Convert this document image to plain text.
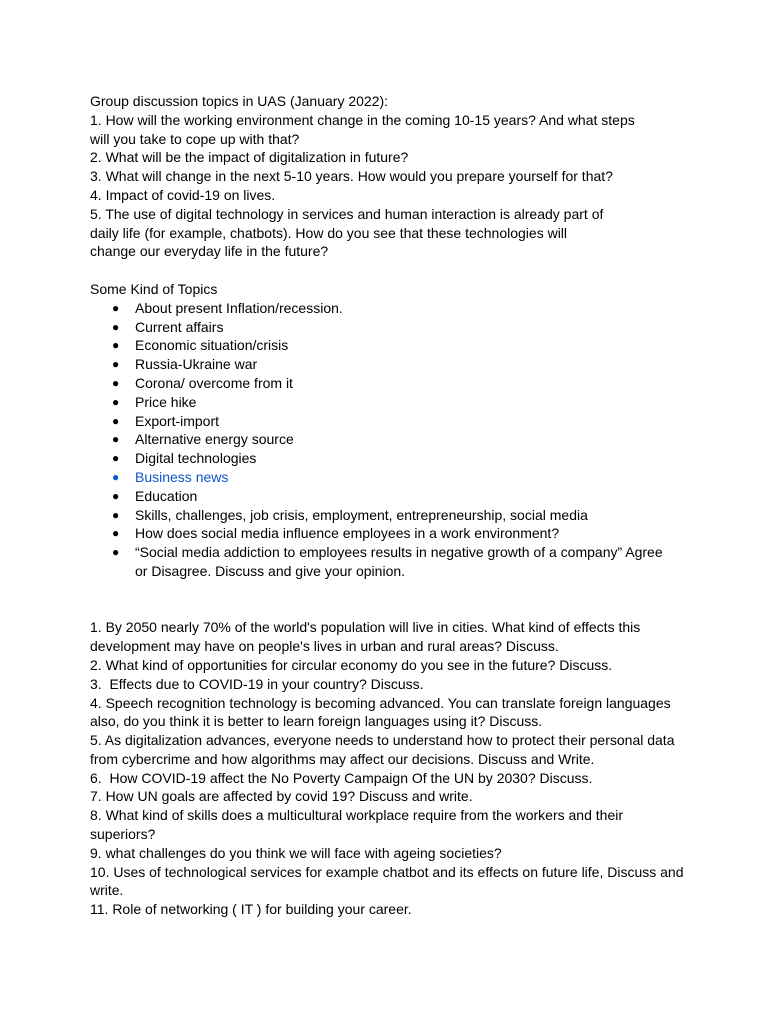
Group discussion topics in UAS (January 2022):

1. How will the working environment change in the coming 10-15 years? And what steps

will you take to cope up with that?

2. What will be the impact of digitalization in future?

3. What will change in the next 5-10 years. How would you prepare yourself for that?

4. Impact of covid-19 on lives.

5. The use of digital technology in services and human interaction is already part of

daily life (for example, chatbots). How do you see that these technologies will

change our everyday life in the future?

Some Kind of Topics

● About present Inflation/recession.
● Current affairs
● Economic situation/crisis
● Russia-Ukraine war
● Corona/ overcome from it
● Price hike
● Export-import
● Alternative energy source
● Digital technologies
● Business news
● Education
● Skills, challenges, job crisis, employment, entrepreneurship, social media
● How does social media influence employees in a work environment?
● “Social media addiction to employees results in negative growth of a company” Agree or Disagree. Discuss and give your opinion.

1. By 2050 nearly 70% of the world's population will live in cities. What kind of effects this

development may have on people's lives in urban and rural areas? Discuss.

2. What kind of opportunities for circular economy do you see in the future? Discuss.

3.  Effects due to COVID-19 in your country? Discuss.

4. Speech recognition technology is becoming advanced. You can translate foreign languages

also, do you think it is better to learn foreign languages using it? Discuss.

5. As digitalization advances, everyone needs to understand how to protect their personal data

from cybercrime and how algorithms may affect our decisions. Discuss and Write.

6.  How COVID-19 affect the No Poverty Campaign Of the UN by 2030? Discuss.

7. How UN goals are affected by covid 19? Discuss and write.

8. What kind of skills does a multicultural workplace require from the workers and their

superiors?

9. what challenges do you think we will face with ageing societies?

10. Uses of technological services for example chatbot and its effects on future life, Discuss and

write.

11. Role of networking ( IT ) for building your career.
